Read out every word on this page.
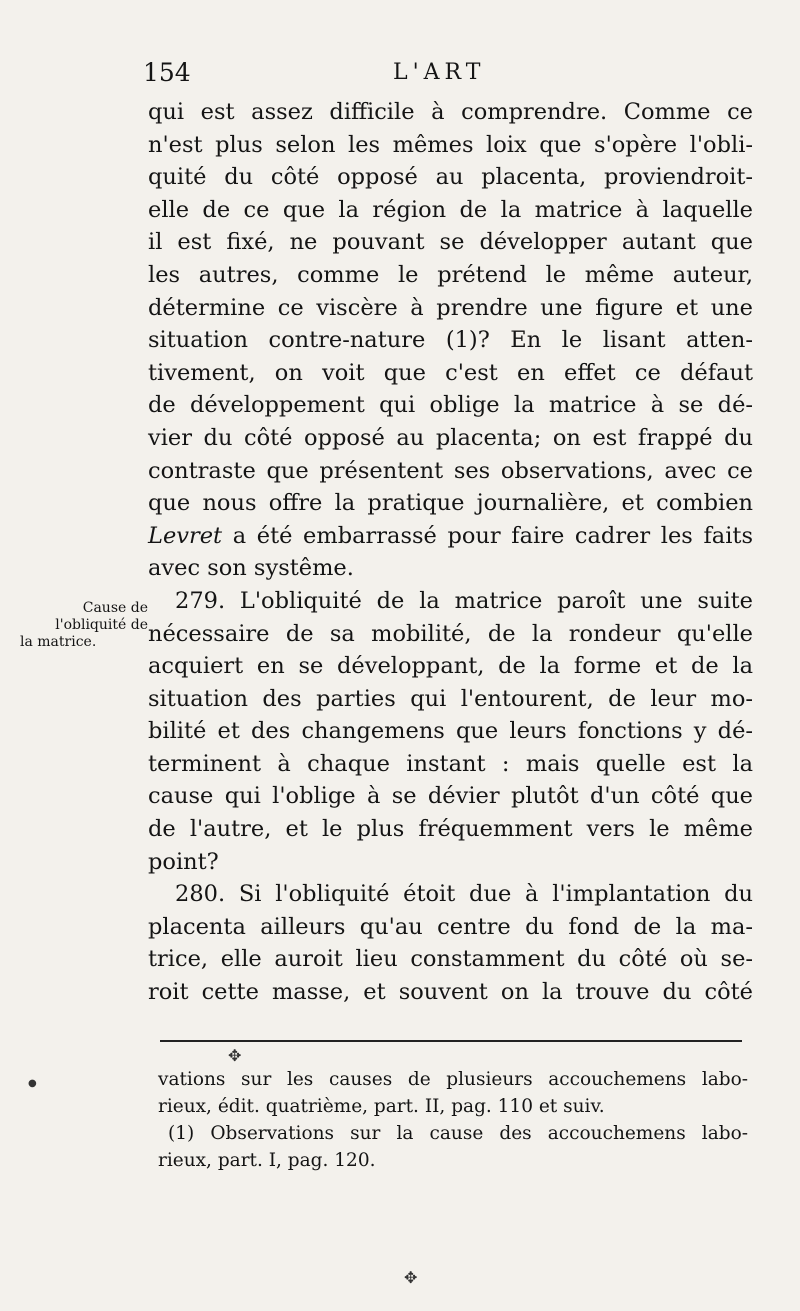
154	L'ART
qui est assez difficile à comprendre. Comme ce
n'est plus selon les mêmes loix que s'opère l'obli-
quité du côté opposé au placenta, proviendroit-
elle de ce que la région de la matrice à laquelle
il est fixé, ne pouvant se développer autant que
les autres, comme le prétend le même auteur,
détermine ce viscère à prendre une figure et une
situation contre-nature (1)? En le lisant atten-
tivement, on voit que c'est en effet ce défaut
de développement qui oblige la matrice à se dé-
vier du côté opposé au placenta; on est frappé du
contraste que présentent ses observations, avec ce
que nous offre la pratique journalière, et combien
Levret a été embarrassé pour faire cadrer les faits
avec son systême.
279. L'obliquité de la matrice paroît une suite
nécessaire de sa mobilité, de la rondeur qu'elle
acquiert en se développant, de la forme et de la
situation des parties qui l'entourent, de leur mo-
bilité et des changemens que leurs fonctions y dé-
terminent à chaque instant : mais quelle est la
cause qui l'oblige à se dévier plutôt d'un côté que
de l'autre, et le plus fréquemment vers le même
point?
280. Si l'obliquité étoit due à l'implantation du
placenta ailleurs qu'au centre du fond de la ma-
trice, elle auroit lieu constamment du côté où se-
roit cette masse, et souvent on la trouve du côté
Cause de
l'obliquité de
la matrice.
✥
●
✥
vations sur les causes de plusieurs accouchemens labo-
rieux, édit. quatrième, part. II, pag. 110 et suiv.
(1) Observations sur la cause des accouchemens labo-
rieux, part. I, pag. 120.
